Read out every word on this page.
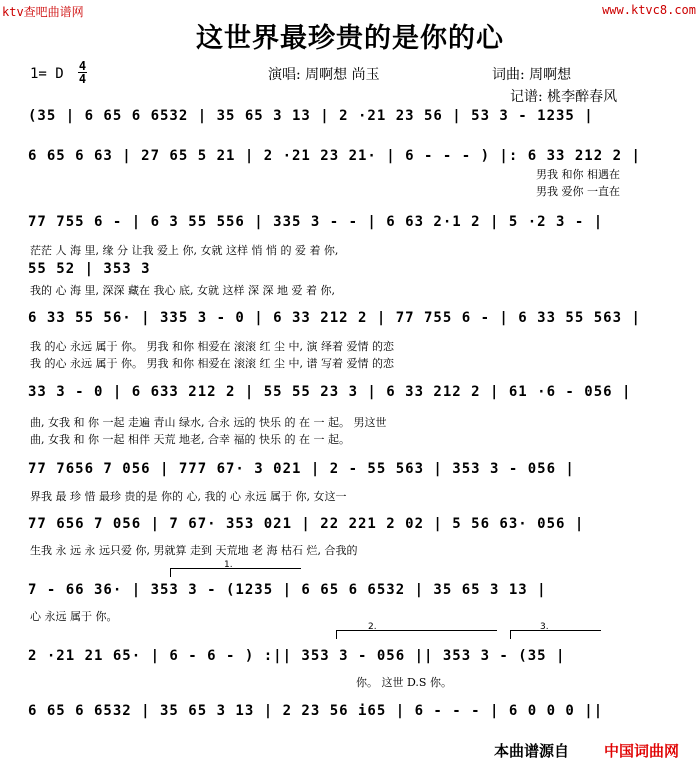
ktv查吧曲谱网	www.ktvc8.com
这世界最珍贵的是你的心
1= D 4
4	演唱: 周啊想 尚玉	词曲: 周啊想
记谱: 桃李醉春风
(35 | 6 65 6 6532 | 35 65 3 13 | 2 ·21 23 56 | 53 3 - 1235 |
6 65 6 63 | 27 65 5 21 | 2 ·21 23 21· | 6 - - - ) |: 6 33 212 2 |
男我 和你 相遇在
男我 爱你 一直在
77 755 6 - | 6 3 55 556 | 335 3 - - | 6 63 2·1 2 | 5 ·2 3 - |
茫茫 人 海 里, 缘 分 让我 爱上 你, 女就 这样 悄 悄 的 爱 着 你,
55 52 | 353 3
我的 心 海 里, 深深 藏在 我心 底, 女就 这样 深 深 地 爱 着 你,
6 33 55 56· | 335 3 - 0 | 6 33 212 2 | 77 755 6 - | 6 33 55 563 |
我 的心 永远 属于 你。 男我 和你 相爱在 滚滚 红 尘 中, 演 绎着 爱情 的恋
我 的心 永远 属于 你。 男我 和你 相爱在 滚滚 红 尘 中, 谱 写着 爱情 的恋
33 3 - 0 | 6 633 212 2 | 55 55 23 3 | 6 33 212 2 | 61 ·6 - 056 |
曲, 女我 和 你 一起 走遍 青山 绿水, 合永 远的 快乐 的 在 一 起。 男这世
曲, 女我 和 你 一起 相伴 天荒 地老, 合幸 福的 快乐 的 在 一 起。
77 7656 7 056 | 777 67· 3 021 | 2 - 55 563 | 353 3 - 056 |
界我 最 珍 惜 最珍 贵的是 你的 心, 我的 心 永远 属于 你, 女这一
77 656 7 056 | 7 67· 353 021 | 22 221 2 02 | 5 56 63· 056 |
生我 永 远 永 远只爱 你, 男就算 走到 天荒地 老 海 枯石 烂, 合我的
1.
7 - 66 36· | 353 3 - (1235 | 6 65 6 6532 | 35 65 3 13 |
心 永远 属于 你。
2.	3.
2 ·21 21 65· | 6 - 6 - ) :|| 353 3 - 056 || 353 3 - (35 |
你。 这世 D.S 你。
6 65 6 6532 | 35 65 3 13 | 2 23 56 i65 | 6 - - - | 6 0 0 0 ||
本曲谱源自 中国词曲网
